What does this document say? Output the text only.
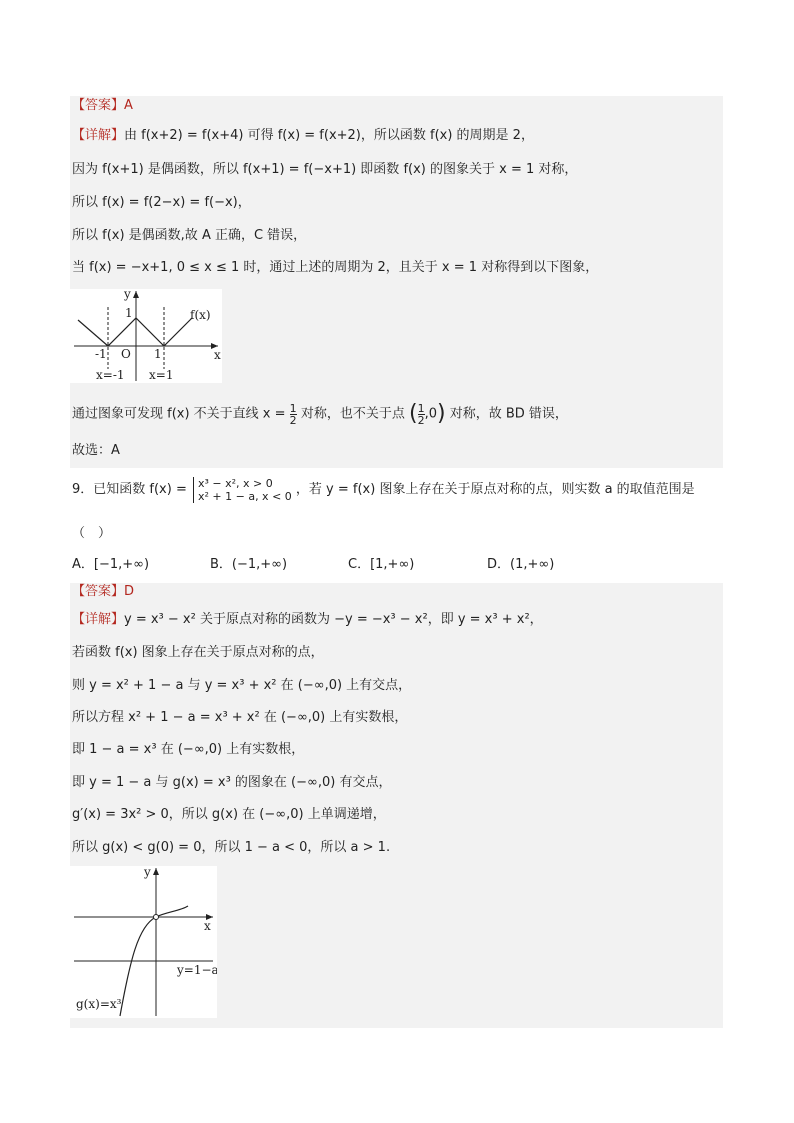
【答案】A
【详解】由 f(x+2) = f(x+4) 可得 f(x) = f(x+2)，所以函数 f(x) 的周期是 2，
因为 f(x+1) 是偶函数，所以 f(x+1) = f(−x+1) 即函数 f(x) 的图象关于 x = 1 对称，
所以 f(x) = f(2−x) = f(−x)，
所以 f(x) 是偶函数,故 A 正确，C 错误，
当 f(x) = −x+1, 0 ≤ x ≤ 1 时，通过上述的周期为 2，且关于 x = 1 对称得到以下图象，
y
x
f(x)
1
-1 O 1
x=-1 x=1
通过图象可发现 f(x) 不关于直线 $x = \frac{1}{2}$ 对称，也不关于点 ( $\frac{1}{2} ,0$) 对称，故 BD 错误，
故选：A
9．已知函数 f(x) = x³ − x², x > 0
x² + 1 − a, x < 0 ，若 y = f(x) 图象上存在关于原点对称的点，则实数 a 的取值范围是
（　）
A．[−1,+∞)	B．(−1,+∞)	C．[1,+∞)	D．(1,+∞)
【答案】D
【详解】y = x³ − x² 关于原点对称的函数为 −y = −x³ − x²，即 y = x³ + x²，
若函数 f(x) 图象上存在关于原点对称的点，
则 y = x² + 1 − a 与 y = x³ + x² 在 (−∞,0) 上有交点，
所以方程 x² + 1 − a = x³ + x² 在 (−∞,0) 上有实数根，
即 1 − a = x³ 在 (−∞,0) 上有实数根，
即 y = 1 − a 与 g(x) = x³ 的图象在 (−∞,0) 有交点，
g′(x) = 3x² > 0，所以 g(x) 在 (−∞,0) 上单调递增，
所以 g(x) < g(0) = 0，所以 1 − a < 0，所以 a > 1.
y
x
y=1−a
g(x)=x³
